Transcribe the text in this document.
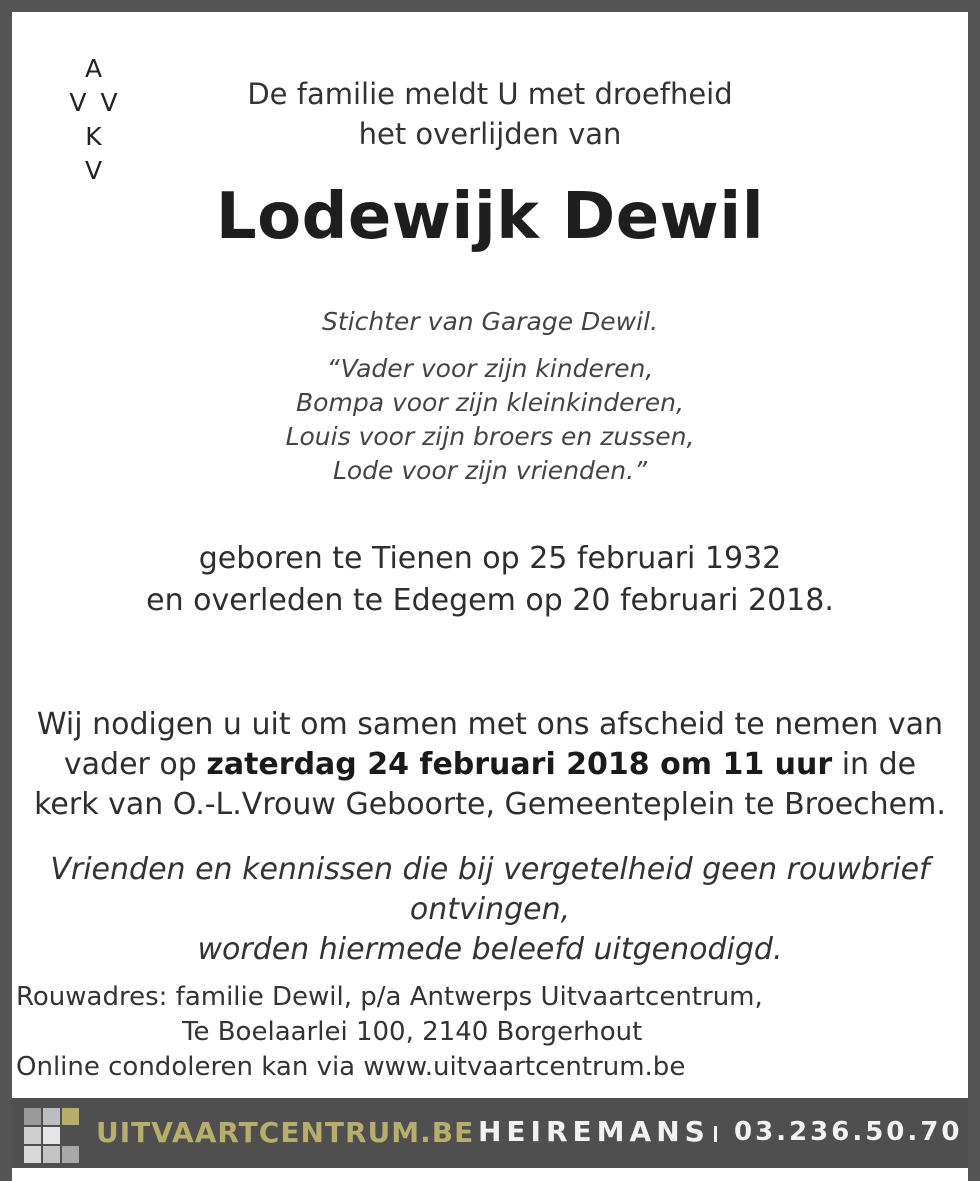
A
V V K
V
De familie meldt U met droefheid
het overlijden van
Lodewijk Dewil
Stichter van Garage Dewil.
“Vader voor zijn kinderen,
Bompa voor zijn kleinkinderen,
Louis voor zijn broers en zussen,
Lode voor zijn vrienden.”
geboren te Tienen op 25 februari 1932
en overleden te Edegem op 20 februari 2018.
Wij nodigen u uit om samen met ons afscheid te nemen van
vader op zaterdag 24 februari 2018 om 11 uur in de
kerk van O.-L.Vrouw Geboorte, Gemeenteplein te Broechem.
Vrienden en kennissen die bij vergetelheid geen rouwbrief ontvingen,
worden hiermede beleefd uitgenodigd.
Rouwadres: familie Dewil, p/a Antwerps Uitvaartcentrum,
Te Boelaarlei 100, 2140 Borgerhout
Online condoleren kan via www.uitvaartcentrum.be
UITVAARTCENTRUM.BE HEIREMANS 03.236.50.70
